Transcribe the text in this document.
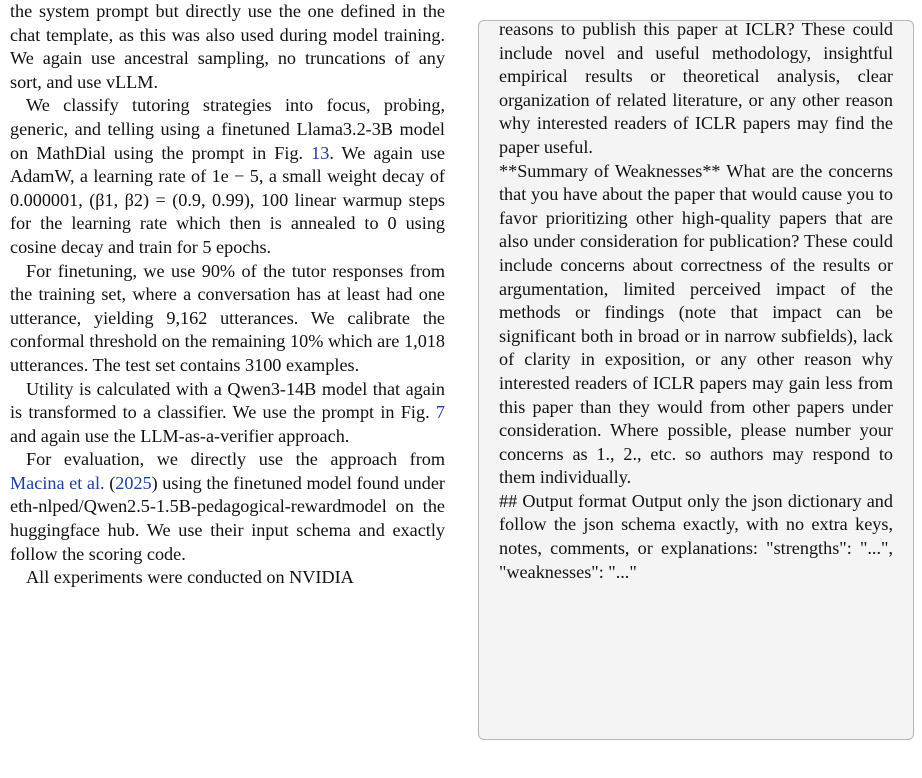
the system prompt but directly use the one defined in the chat template, as this was also used during model training. We again use ancestral sampling, no truncations of any sort, and use vLLM.

We classify tutoring strategies into focus, probing, generic, and telling using a finetuned Llama3.2-3B model on MathDial using the prompt in Fig. 13. We again use AdamW, a learning rate of 1e − 5, a small weight decay of 0.000001, (β1, β2) = (0.9, 0.99), 100 linear warmup steps for the learning rate which then is annealed to 0 using cosine decay and train for 5 epochs.

For finetuning, we use 90% of the tutor responses from the training set, where a conversation has at least had one utterance, yielding 9,162 utterances. We calibrate the conformal threshold on the remaining 10% which are 1,018 utterances. The test set contains 3100 examples.

Utility is calculated with a Qwen3-14B model that again is transformed to a classifier. We use the prompt in Fig. 7 and again use the LLM-as-a-verifier approach.

For evaluation, we directly use the approach from Macina et al. (2025) using the finetuned model found under eth-nlped/Qwen2.5-1.5B-pedagogical-rewardmodel on the huggingface hub. We use their input schema and exactly follow the scoring code.

All experiments were conducted on NVIDIA

reasons to publish this paper at ICLR? These could include novel and useful methodology, insightful empirical results or theoretical analysis, clear organization of related literature, or any other reason why interested readers of ICLR papers may find the paper useful.

**Summary of Weaknesses** What are the concerns that you have about the paper that would cause you to favor prioritizing other high-quality papers that are also under consideration for publication? These could include concerns about correctness of the results or argumentation, limited perceived impact of the methods or findings (note that impact can be significant both in broad or in narrow subfields), lack of clarity in exposition, or any other reason why interested readers of ICLR papers may gain less from this paper than they would from other papers under consideration. Where possible, please number your concerns as 1., 2., etc. so authors may respond to them individually.

## Output format Output only the json dictionary and follow the json schema exactly, with no extra keys, notes, comments, or explanations: "strengths": "...", "weaknesses": "..."
